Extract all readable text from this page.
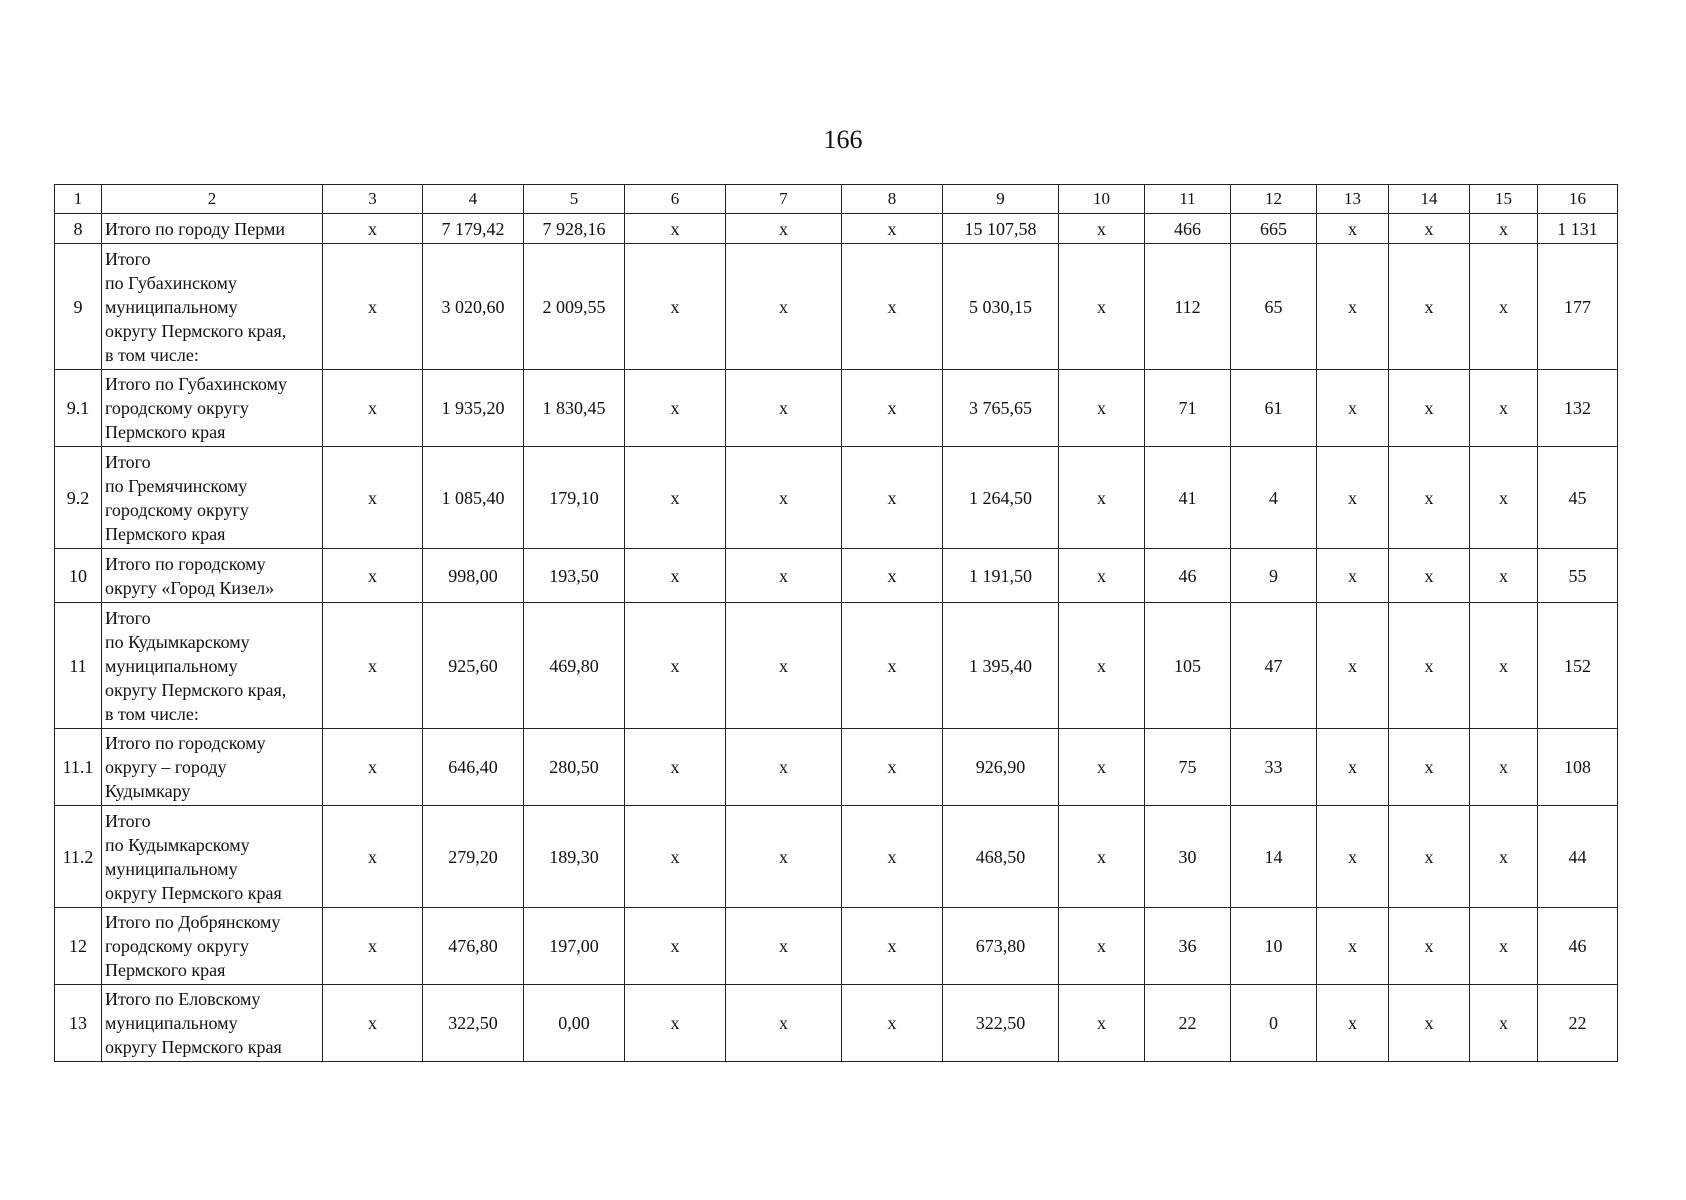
166
1	2	3	4	5	6	7	8	9	10	11	12	13	14	15	16
8	Итого по городу Перми	х	7 179,42	7 928,16	х	х	х	15 107,58	х	466	665	х	х	х	1 131
9	Итого
по Губахинскому
муниципальному
округу Пермского края,
в том числе:	х	3 020,60	2 009,55	х	х	х	5 030,15	х	112	65	х	х	х	177
9.1	Итого по Губахинскому
городскому округу
Пермского края	х	1 935,20	1 830,45	х	х	х	3 765,65	х	71	61	х	х	х	132
9.2	Итого
по Гремячинскому
городскому округу
Пермского края	х	1 085,40	179,10	х	х	х	1 264,50	х	41	4	х	х	х	45
10	Итого по городскому
округу «Город Кизел»	х	998,00	193,50	х	х	х	1 191,50	х	46	9	х	х	х	55
11	Итого
по Кудымкарскому
муниципальному
округу Пермского края,
в том числе:	х	925,60	469,80	х	х	х	1 395,40	х	105	47	х	х	х	152
11.1	Итого по городскому
округу – городу
Кудымкару	х	646,40	280,50	х	х	х	926,90	х	75	33	х	х	х	108
11.2	Итого
по Кудымкарскому
муниципальному
округу Пермского края	х	279,20	189,30	х	х	х	468,50	х	30	14	х	х	х	44
12	Итого по Добрянскому
городскому округу
Пермского края	х	476,80	197,00	х	х	х	673,80	х	36	10	х	х	х	46
13	Итого по Еловскому
муниципальному
округу Пермского края	х	322,50	0,00	х	х	х	322,50	х	22	0	х	х	х	22
